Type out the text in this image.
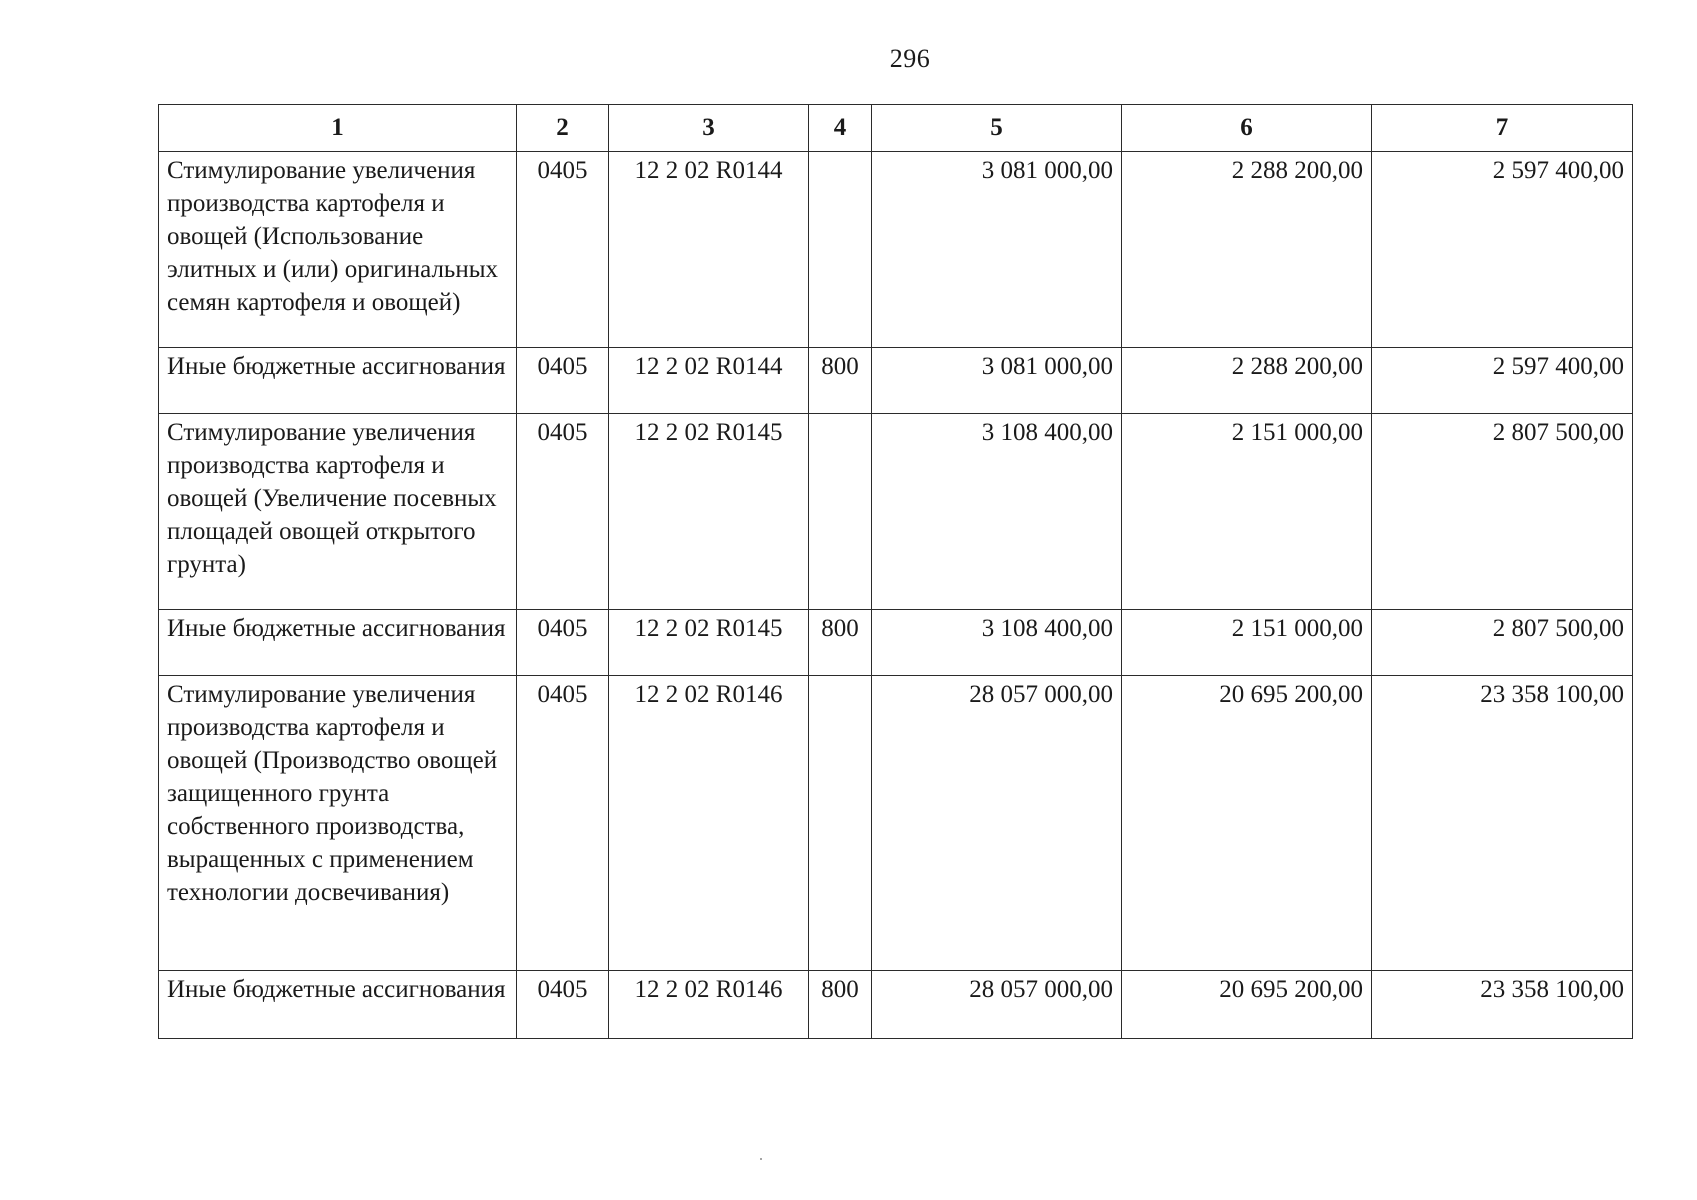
296
1	2	3	4	5	6	7
Стимулирование увеличения производства картофеля и овощей (Использование элитных и (или) оригинальных семян картофеля и овощей)	0405	12 2 02 R0144		3 081 000,00	2 288 200,00	2 597 400,00
Иные бюджетные ассигнования	0405	12 2 02 R0144	800	3 081 000,00	2 288 200,00	2 597 400,00
Стимулирование увеличения производства картофеля и овощей (Увеличение посевных площадей овощей открытого грунта)	0405	12 2 02 R0145		3 108 400,00	2 151 000,00	2 807 500,00
Иные бюджетные ассигнования	0405	12 2 02 R0145	800	3 108 400,00	2 151 000,00	2 807 500,00
Стимулирование увеличения производства картофеля и овощей (Производство овощей защищенного грунта собственного производства, выращенных с применением технологии досвечивания)	0405	12 2 02 R0146		28 057 000,00	20 695 200,00	23 358 100,00
Иные бюджетные ассигнования	0405	12 2 02 R0146	800	28 057 000,00	20 695 200,00	23 358 100,00
